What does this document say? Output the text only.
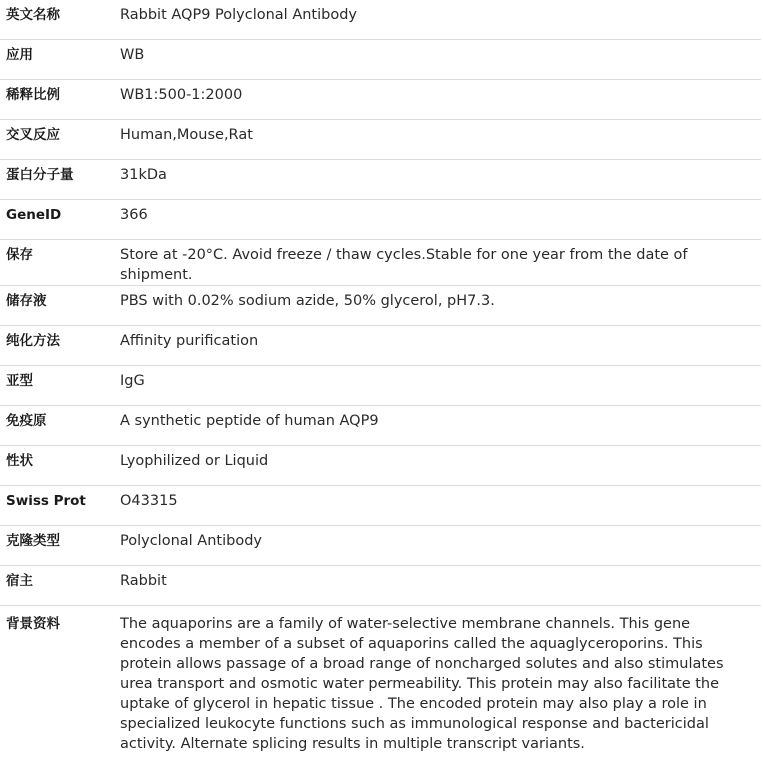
英文名称	Rabbit AQP9 Polyclonal Antibody
应用	WB
稀释比例	WB1:500-1:2000
交叉反应	Human,Mouse,Rat
蛋白分子量	31kDa
GeneID	366
保存	Store at -20°C. Avoid freeze / thaw cycles.Stable for one year from the date of shipment.
储存液	PBS with 0.02% sodium azide, 50% glycerol, pH7.3.
纯化方法	Affinity purification
亚型	IgG
免疫原	A synthetic peptide of human AQP9
性状	Lyophilized or Liquid
Swiss Prot	O43315
克隆类型	Polyclonal Antibody
宿主	Rabbit
背景资料	The aquaporins are a family of water-selective membrane channels. This gene encodes a member of a subset of aquaporins called the aquaglyceroporins. This protein allows passage of a broad range of noncharged solutes and also stimulates urea transport and osmotic water permeability. This protein may also facilitate the uptake of glycerol in hepatic tissue . The encoded protein may also play a role in specialized leukocyte functions such as immunological response and bactericidal activity. Alternate splicing results in multiple transcript variants.
